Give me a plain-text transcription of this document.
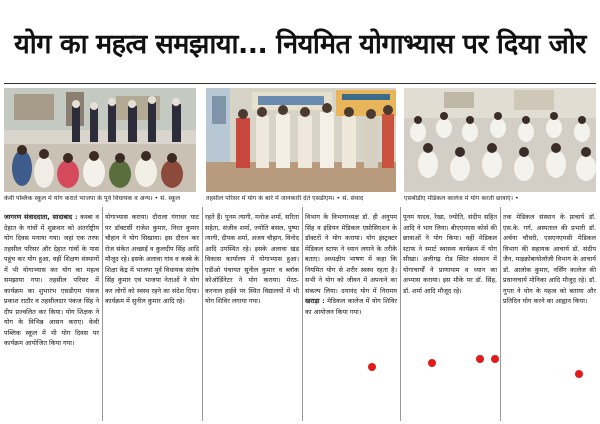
योग का महत्व समझाया... नियमित योगाभ्यास पर दिया जोर
केवी पब्लिक स्कूल में योग कराते भाजपा के पूर्व विधायक व अन्य। • सं. स्कूल	तहसील परिसर में योग के बारे में जानकारी देते एसडीएम। • सं. संवाद	एसबीडीए मेडिकल कालेज में योग करतीं छात्राएं। •
जागरण संवाददाता, सादाबाद : कस्बा व देहात के गांवों में शुक्रवार को अंतर्राष्ट्रीय योग दिवस मनाया गया। जहां एक तरफ तहसील परिसर और देहात गांवों के पास पहुंच कर योग हुआ, वहीं शिक्षण संस्थानों में भी योगाभ्यास कर योग का महत्व समझाया गया। तहसील परिसर में कार्यक्रम का शुभारंभ एसडीएम पंकज प्रकाश राठौर व तहसीलदार पंकज सिंह ने दीप प्रज्वलित कर किया। योग शिक्षक ने योग के विभिन्न आसन कराए। केवी पब्लिक स्कूल में भी योग दिवस पर कार्यक्रम आयोजित किया गया।
योगाभ्यास कराया। दौराला गंगाधर घाट पर डॉक्टर्सी राजेश कुमार, निरत कुमार चौहान ने योग सिखाया। इस दौरान कर रोज संकेत अच्छाई व कुलदीप सिंह आदि मौजूद रहे। इसके अलावा गांव व कस्बे के शिक्षा केंद्र में भाजपा पूर्व विधायक संतोष सिंह कुमार एवं भाजपा नेताओं ने योग कर लोगों को स्वस्थ रहने का संदेश दिया। कार्यक्रम में सुनील कुमार आदि रहे।
रहते हैं। पूनम त्यागी, मनोज शर्मा, सरिता सहेता, संजीव शर्मा, ज्योति बंसल, पुष्पा त्यागी, दीपक शर्मा, अजय चौहान, विनोद आदि उपस्थित रहे। इसके अलावा खंड विकास कार्यालय में योगाभ्यास हुआ। एडीओ पंचायत सुनील कुमार व ब्लॉक कोऑर्डिनेटर ने योग कराया। मेरठ-करनाल हाईवे पर स्थित विद्यालयों में भी योग शिविर लगाया गया।
विभाग के विभागाध्यक्ष डॉ. ही अनुपम सिंह व इंडियन मेडिकल एसोसिएशन के डॉक्टरों ने योग कराया। योग इंस्ट्रक्टर मेडिकल स्टाफ ने ध्यान लगाने के तरीके बताए। अध्यक्षीय भाषण में कहा कि नियमित योग से शरीर स्वस्थ रहता है। सभी ने योग को जीवन में अपनाने का संकल्प लिया। दयानंद योग में निरामय खराड़ा : मेडिकल कालेज में योग शिविर का आयोजन किया गया।
पूनम यादव, रेखा, ज्योति, संदीप सहित आदि ने भाग लिया। बीएएमएस कोर्स की छात्राओं ने योग किया। वहीं मेडिकल स्टाफ ने स्मार्ट स्वास्थ्य कार्यक्रम में योग सीखा। अलीगढ़ रोड स्थित संस्थान में योगाचार्यों ने प्राणायाम व ध्यान का अभ्यास कराया। इस मौके पर डॉ. सिंह, डॉ. शर्मा आदि मौजूद रहे।
तक मेडिकल संस्थान के प्राचार्य डॉ. एस.के. गर्ग, अस्पताल की प्रभारी डॉ. अर्चना चौधरी, एसएनएमसी मेडिकल विभाग की सहायक आचार्य डॉ. संदीप जैन, माइक्रोबायोलॉजी विभाग के आचार्य डॉ. आलोक कुमार, नर्सिंग कालेज की प्रधानाचार्य मोनिका आदि मौजूद रहे। डॉ. गुप्ता ने योग के महत्व को बताया और प्रतिदिन योग करने का आह्वान किया।
